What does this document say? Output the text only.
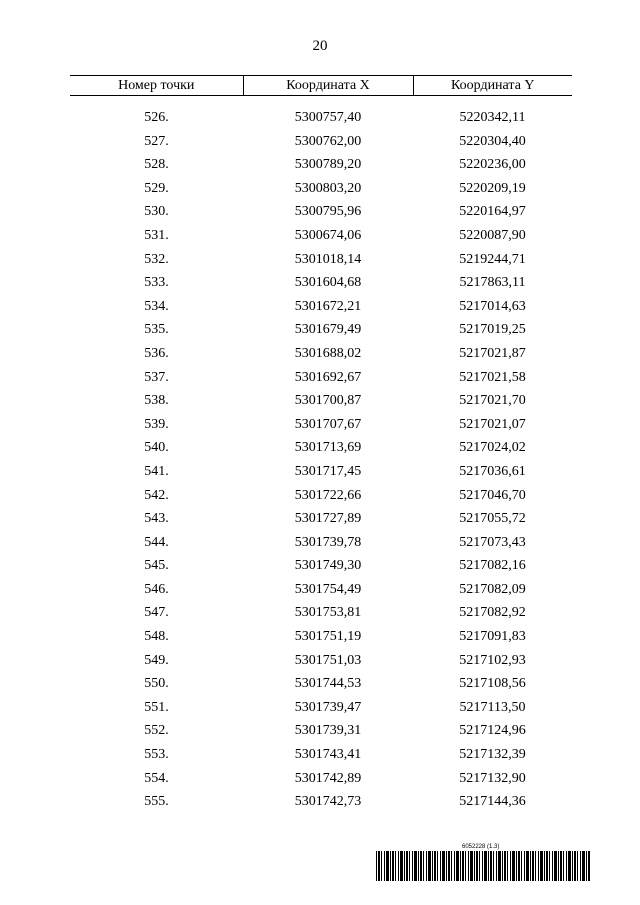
20
Номер точки	Координата X	Координата Y
526.	5300757,40	5220342,11
527.	5300762,00	5220304,40
528.	5300789,20	5220236,00
529.	5300803,20	5220209,19
530.	5300795,96	5220164,97
531.	5300674,06	5220087,90
532.	5301018,14	5219244,71
533.	5301604,68	5217863,11
534.	5301672,21	5217014,63
535.	5301679,49	5217019,25
536.	5301688,02	5217021,87
537.	5301692,67	5217021,58
538.	5301700,87	5217021,70
539.	5301707,67	5217021,07
540.	5301713,69	5217024,02
541.	5301717,45	5217036,61
542.	5301722,66	5217046,70
543.	5301727,89	5217055,72
544.	5301739,78	5217073,43
545.	5301749,30	5217082,16
546.	5301754,49	5217082,09
547.	5301753,81	5217082,92
548.	5301751,19	5217091,83
549.	5301751,03	5217102,93
550.	5301744,53	5217108,56
551.	5301739,47	5217113,50
552.	5301739,31	5217124,96
553.	5301743,41	5217132,39
554.	5301742,89	5217132,90
555.	5301742,73	5217144,36
6052228 (1.3)
